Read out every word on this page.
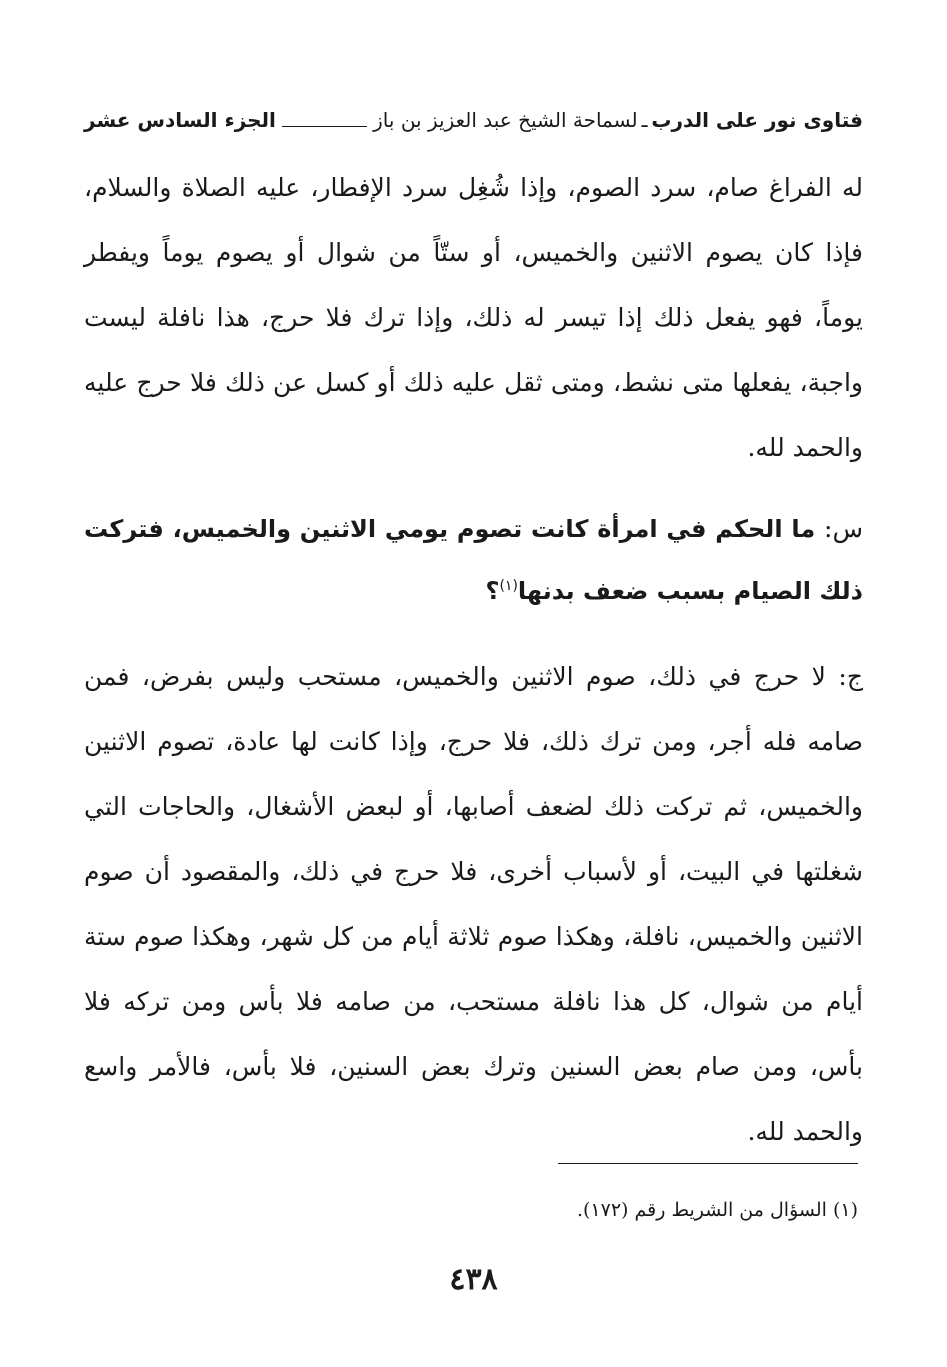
فتاوى نور على الدرب
ـ
لسماحة الشيخ عبد العزيز بن باز
الجزء السادس عشر

له الفراغ صام، سرد الصوم، وإذا شُغِل سرد الإفطار، عليه الصلاة والسلام، فإذا كان يصوم الاثنين والخميس، أو ستّاً من شوال أو يصوم يوماً ويفطر يوماً، فهو يفعل ذلك إذا تيسر له ذلك، وإذا ترك فلا حرج، هذا نافلة ليست واجبة، يفعلها متى نشط، ومتى ثقل عليه ذلك أو كسل عن ذلك فلا حرج عليه والحمد لله.

س: ما الحكم في امرأة كانت تصوم يومي الاثنين والخميس، فتركت ذلك الصيام بسبب ضعف بدنها$^{(١)}$؟

ج: لا حرج في ذلك، صوم الاثنين والخميس، مستحب وليس بفرض، فمن صامه فله أجر، ومن ترك ذلك، فلا حرج، وإذا كانت لها عادة، تصوم الاثنين والخميس، ثم تركت ذلك لضعف أصابها، أو لبعض الأشغال، والحاجات التي شغلتها في البيت، أو لأسباب أخرى، فلا حرج في ذلك، والمقصود أن صوم الاثنين والخميس، نافلة، وهكذا صوم ثلاثة أيام من كل شهر، وهكذا صوم ستة أيام من شوال، كل هذا نافلة مستحب، من صامه فلا بأس ومن تركه فلا بأس، ومن صام بعض السنين وترك بعض السنين، فلا بأس، فالأمر واسع والحمد لله.

(١) السؤال من الشريط رقم (١٧٢).
٤٣٨
